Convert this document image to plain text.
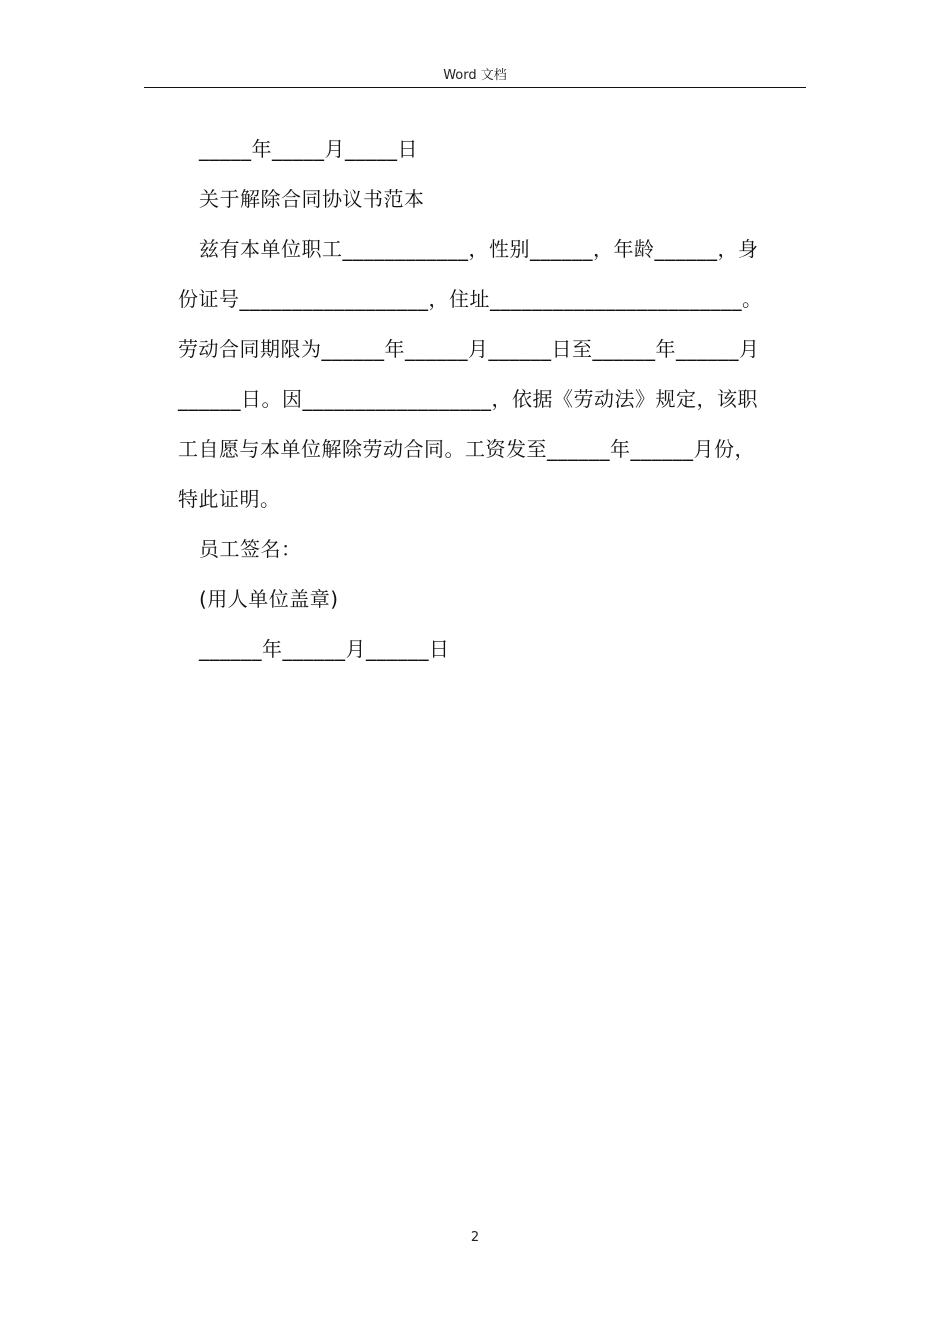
Word 文档

_____年_____月_____日

关于解除合同协议书范本

兹有本单位职工____________，性别______，年龄______，身

份证号__________________，住址________________________。

劳动合同期限为______年______月______日至______年______月

______日。因__________________，依据《劳动法》规定，该职

工自愿与本单位解除劳动合同。工资发至______年______月份，

特此证明。

员工签名：

(用人单位盖章)

______年______月______日

2
